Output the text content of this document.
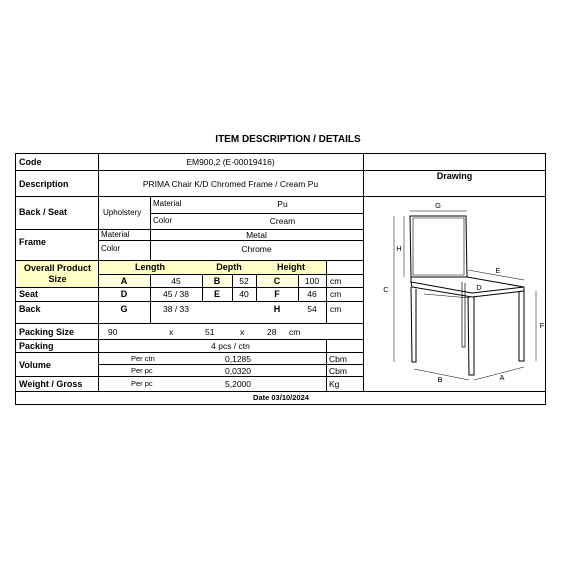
ITEM DESCRIPTION / DETAILS
Code	EM900,2 (E-00019416)
Description	PRIMA Chair K/D Chromed Frame / Cream Pu
Back / Seat	Upholstery
Material	Pu
Color	Cream
Frame
Material	Metal
Color	Chrome
Overall Product Size
Length	Depth	Height
A	45	B	52	C	100	cm
Seat	D	45 / 38	E	40	F	46	cm
Back	G	38 / 33	H	54	cm
Packing Size	90	x	51	x	28 cm
Packing	4 pcs / ctn
Volume
Per ctn	0,1285	Cbm
Per pc	0,0320	Cbm
Weight / Gross	Per pc	5,2000	Kg
Date 03/10/2024
Drawing
G
H
C
E
D
F
B	A
